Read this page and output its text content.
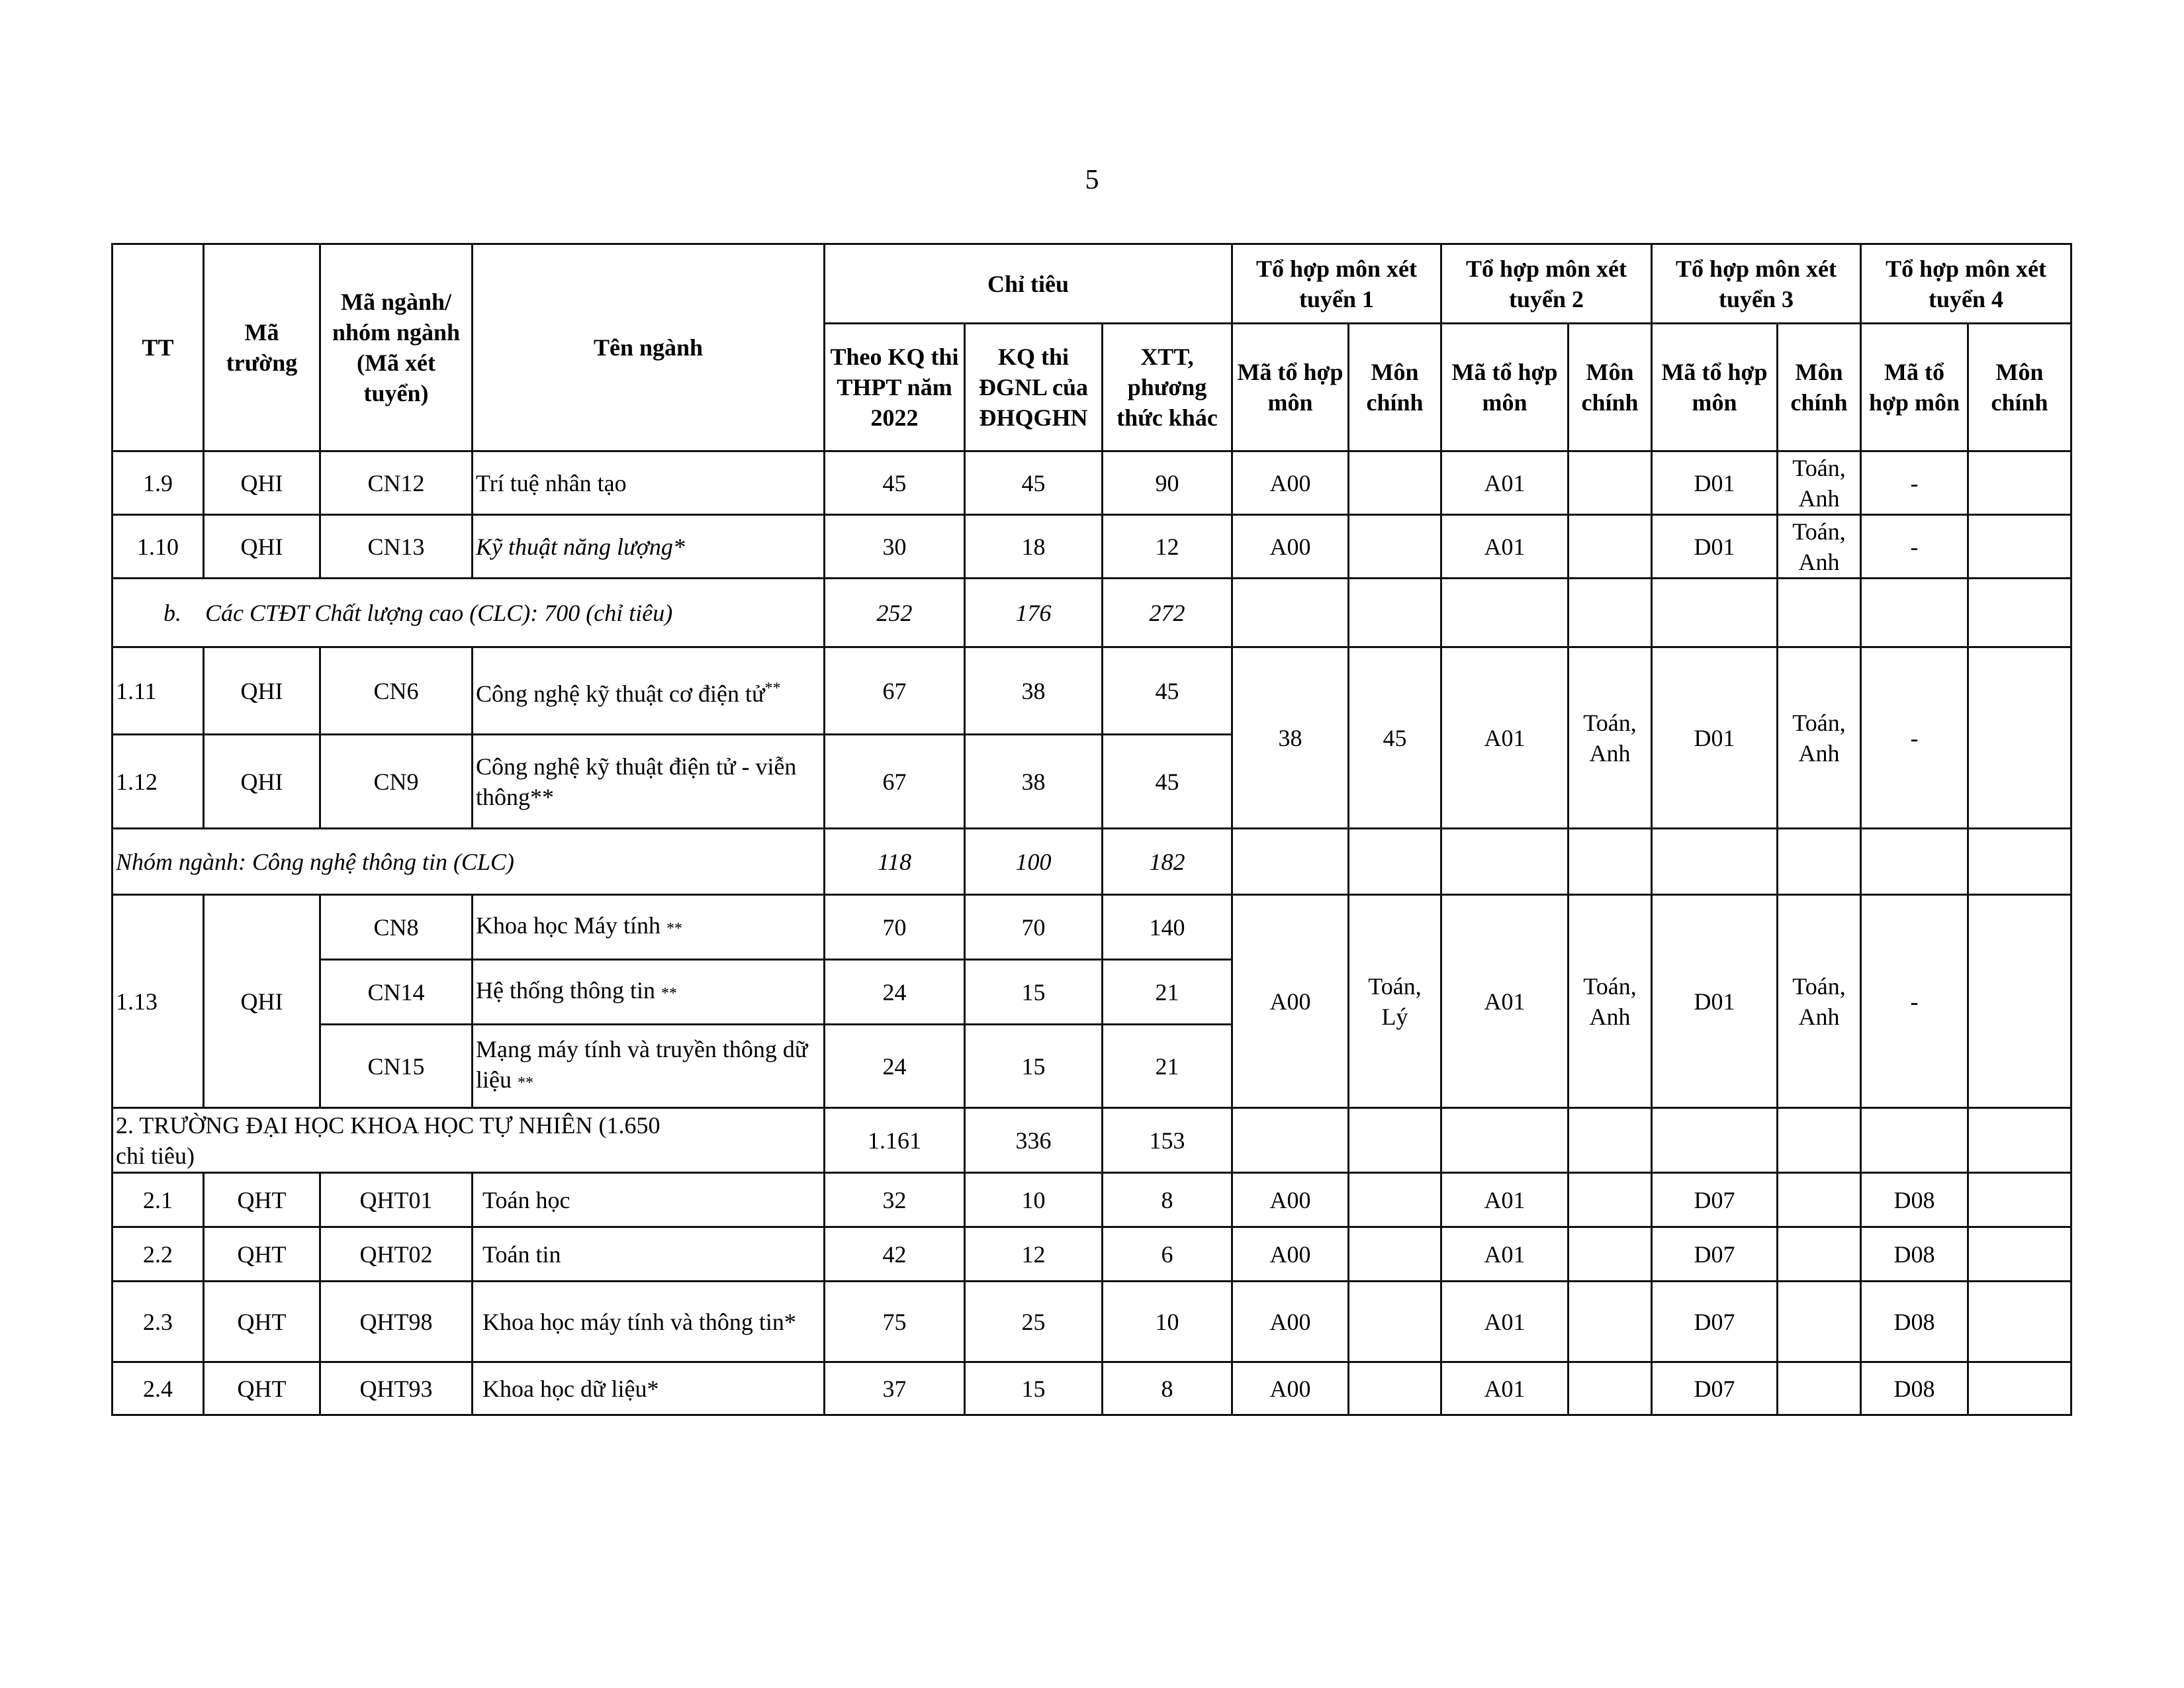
5
TT	Mã trường	Mã ngành/ nhóm ngành (Mã xét tuyển)	Tên ngành	Chỉ tiêu			Tổ hợp môn xét tuyển 1		Tổ hợp môn xét tuyển 2		Tổ hợp môn xét tuyển 3		Tổ hợp môn xét tuyển 4	
				Theo KQ thi THPT năm 2022	KQ thi ĐGNL của ĐHQGHN	XTT, phương thức khác	Mã tổ hợp môn	Môn chính	Mã tổ hợp môn	Môn chính	Mã tổ hợp môn	Môn chính	Mã tổ hợp môn	Môn chính
1.9	QHI	CN12	Trí tuệ nhân tạo	45	45	90	A00		A01		D01	Toán, Anh	-	
1.10	QHI	CN13	Kỹ thuật năng lượng*	30	18	12	A00		A01		D01	Toán, Anh	-	
b. Các CTĐT Chất lượng cao (CLC): 700 (chỉ tiêu)				252	176	272								
1.11	QHI	CN6	Công nghệ kỹ thuật cơ điện tử**	67	38	45	38	45	A01	Toán, Anh	D01	Toán, Anh	-	
1.12	QHI	CN9	Công nghệ kỹ thuật điện tử - viễn thông**	67	38	45								
Nhóm ngành: Công nghệ thông tin (CLC)				118	100	182								
1.13	QHI	CN8	Khoa học Máy tính **	70	70	140	A00	Toán, Lý	A01	Toán, Anh	D01	Toán, Anh	-	
		CN14	Hệ thống thông tin **	24	15	21								
		CN15	Mạng máy tính và truyền thông dữ liệu **	24	15	21								
2. TRƯỜNG ĐẠI HỌC KHOA HỌC TỰ NHIÊN (1.650 chỉ tiêu)				1.161	336	153								
2.1	QHT	QHT01	Toán học	32	10	8	A00		A01		D07		D08	
2.2	QHT	QHT02	Toán tin	42	12	6	A00		A01		D07		D08	
2.3	QHT	QHT98	Khoa học máy tính và thông tin*	75	25	10	A00		A01		D07		D08	
2.4	QHT	QHT93	Khoa học dữ liệu*	37	15	8	A00		A01		D07		D08	
